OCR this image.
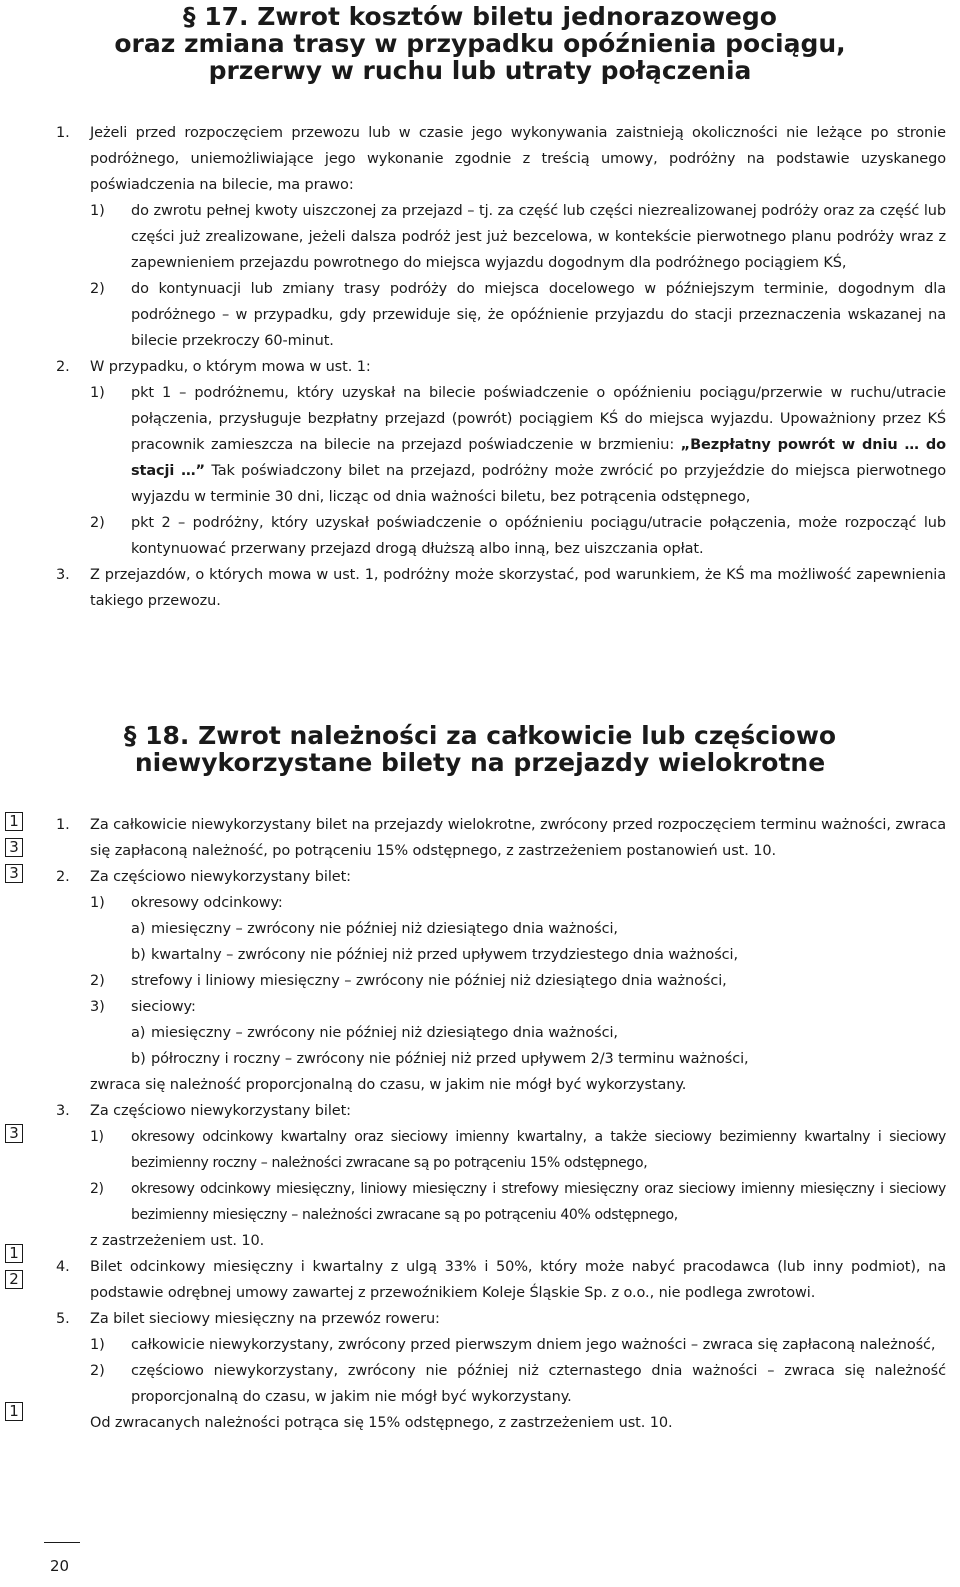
§ 17. Zwrot kosztów biletu jednorazowego
oraz zmiana trasy w przypadku opóźnienia pociągu,
przerwy w ruchu lub utraty połączenia

1. Jeżeli przed rozpoczęciem przewozu lub w czasie jego wykonywania zaistnieją okoliczności nie leżące po stronie podróżnego, uniemożliwiające jego wykonanie zgodnie z treścią umowy, podróżny na podstawie uzyskanego poświadczenia na bilecie, ma prawo:

1) do zwrotu pełnej kwoty uiszczonej za przejazd – tj. za część lub części niezrealizowanej podróży oraz za część lub części już zrealizowane, jeżeli dalsza podróż jest już bezcelowa, w kontekście pierwotnego planu podróży wraz z zapewnieniem przejazdu powrotnego do miejsca wyjazdu dogodnym dla podróżnego pociągiem KŚ,

2) do kontynuacji lub zmiany trasy podróży do miejsca docelowego w późniejszym terminie, dogodnym dla podróżnego – w przypadku, gdy przewiduje się, że opóźnienie przyjazdu do stacji przeznaczenia wskazanej na bilecie przekroczy 60-minut.

2. W przypadku, o którym mowa w ust. 1:

1) pkt 1 – podróżnemu, który uzyskał na bilecie poświadczenie o opóźnieniu pociągu/przerwie w ruchu/utracie połączenia, przysługuje bezpłatny przejazd (powrót) pociągiem KŚ do miejsca wyjazdu. Upoważniony przez KŚ pracownik zamieszcza na bilecie na przejazd poświadczenie w brzmieniu: „Bezpłatny powrót w dniu … do stacji …” Tak poświadczony bilet na przejazd, podróżny może zwrócić po przyjeździe do miejsca pierwotnego wyjazdu w terminie 30 dni, licząc od dnia ważności biletu, bez potrącenia odstępnego,

2) pkt 2 – podróżny, który uzyskał poświadczenie o opóźnieniu pociągu/utracie połączenia, może rozpocząć lub kontynuować przerwany przejazd drogą dłuższą albo inną, bez uiszczania opłat.

3. Z przejazdów, o których mowa w ust. 1, podróżny może skorzystać, pod warunkiem, że KŚ ma możliwość zapewnienia takiego przewozu.

§ 18. Zwrot należności za całkowicie lub częściowo
niewykorzystane bilety na przejazdy wielokrotne

1. Za całkowicie niewykorzystany bilet na przejazdy wielokrotne, zwrócony przed rozpoczęciem terminu ważności, zwraca się zapłaconą należność, po potrąceniu 15% odstępnego, z zastrzeżeniem postanowień ust. 10.

2. Za częściowo niewykorzystany bilet:

1) okresowy odcinkowy:

a) miesięczny – zwrócony nie później niż dziesiątego dnia ważności,

b) kwartalny – zwrócony nie później niż przed upływem trzydziestego dnia ważności,

2) strefowy i liniowy miesięczny – zwrócony nie później niż dziesiątego dnia ważności,

3) sieciowy:

a) miesięczny – zwrócony nie później niż dziesiątego dnia ważności,

b) półroczny i roczny – zwrócony nie później niż przed upływem 2/3 terminu ważności,

zwraca się należność proporcjonalną do czasu, w jakim nie mógł być wykorzystany.

3. Za częściowo niewykorzystany bilet:

1) okresowy odcinkowy kwartalny oraz sieciowy imienny kwartalny, a także sieciowy bezimienny kwartalny i sieciowy bezimienny roczny – należności zwracane są po potrąceniu 15% odstępnego,

2) okresowy odcinkowy miesięczny, liniowy miesięczny i strefowy miesięczny oraz sieciowy imienny miesięczny i sieciowy bezimienny miesięczny – należności zwracane są po potrąceniu 40% odstępnego,

z zastrzeżeniem ust. 10.

4. Bilet odcinkowy miesięczny i kwartalny z ulgą 33% i 50%, który może nabyć pracodawca (lub inny podmiot), na podstawie odrębnej umowy zawartej z przewoźnikiem Koleje Śląskie Sp. z o.o., nie podlega zwrotowi.

5. Za bilet sieciowy miesięczny na przewóz roweru:

1) całkowicie niewykorzystany, zwrócony przed pierwszym dniem jego ważności – zwraca się zapłaconą należność,

2) częściowo niewykorzystany, zwrócony nie później niż czternastego dnia ważności – zwraca się należność proporcjonalną do czasu, w jakim nie mógł być wykorzystany.

Od zwracanych należności potrąca się 15% odstępnego, z zastrzeżeniem ust. 10.

1
3
3
3
1
2
1
20
